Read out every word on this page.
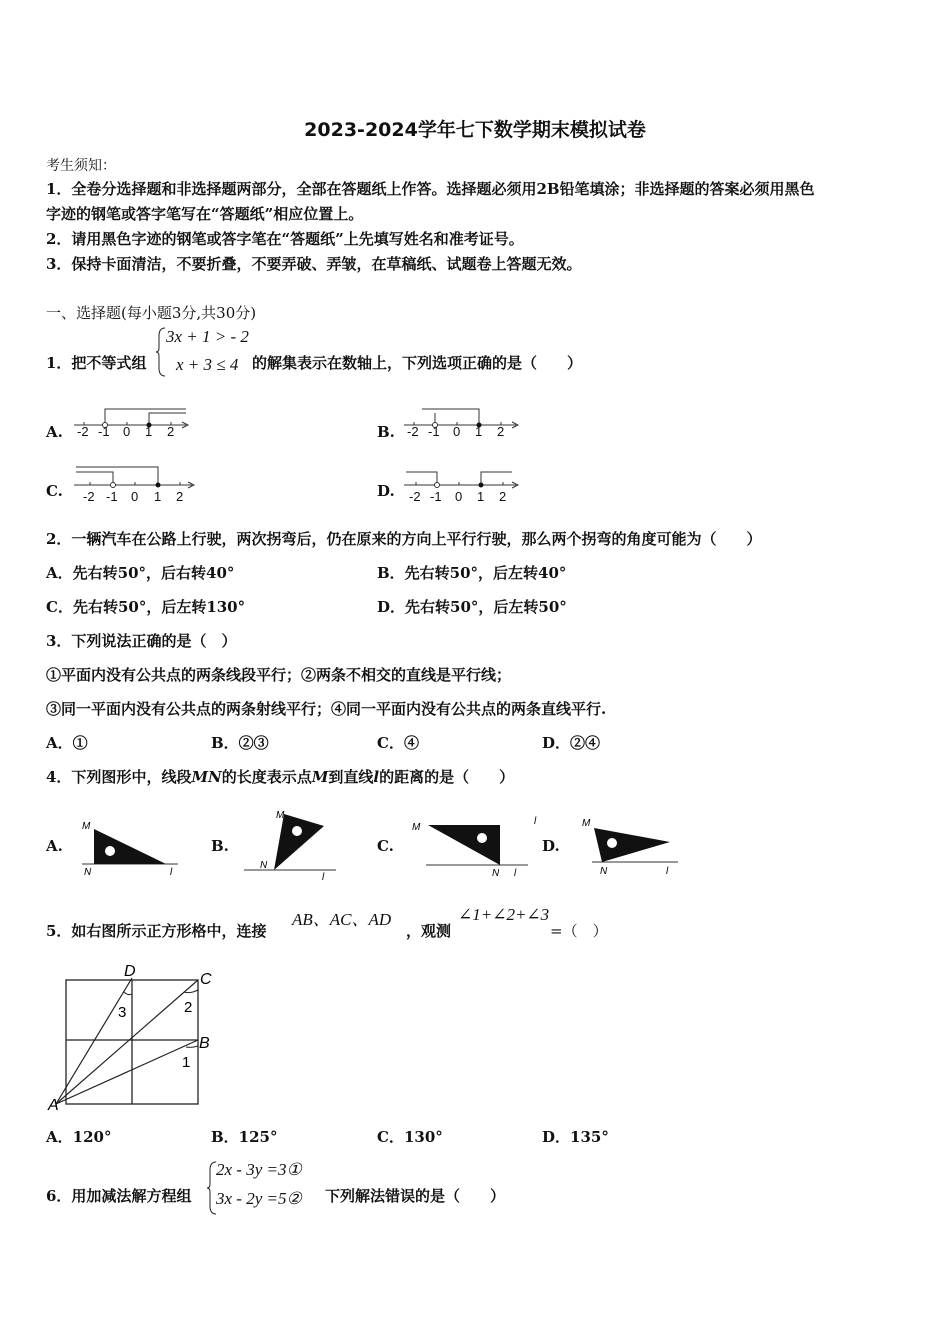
2023-2024学年七下数学期末模拟试卷
考生须知：
1．全卷分选择题和非选择题两部分，全部在答题纸上作答。选择题必须用2B铅笔填涂；非选择题的答案必须用黑色
字迹的钢笔或答字笔写在“答题纸”相应位置上。
2．请用黑色字迹的钢笔或答字笔在“答题纸”上先填写姓名和准考证号。
3．保持卡面清洁，不要折叠，不要弄破、弄皱，在草稿纸、试题卷上答题无效。
一、选择题(每小题3分,共30分)
1．把不等式组
3x + 1 > - 2
x + 3 ≤ 4 的解集表示在数轴上，下列选项正确的是（　　）
A. -2 -1 0 1 2	B. -2 -1 0 1 2
C. -2 -1 0 1 2	D. -2 -1 0 1 2
2．一辆汽车在公路上行驶，两次拐弯后，仍在原来的方向上平行行驶，那么两个拐弯的角度可能为（　　）
A．先右转50°，后右转40°	B．先右转50°，后左转40°
C．先右转50°，后左转130°	D．先右转50°，后左转50°
3．下列说法正确的是（　）
①平面内没有公共点的两条线段平行；②两条不相交的直线是平行线；
③同一平面内没有公共点的两条射线平行；④同一平面内没有公共点的两条直线平行.
A．①	B．②③	C．④	D．②④
4．下列图形中，线段MN的长度表示点M到直线l的距离的是（　　）
A.
M
N	l
B.
M
N
l
C.
M
N l
D.
l	M
N	l
5．如右图所示正方形格中，连接
AB、AC、AD
，观测
∠1+∠2+∠3
=（　）
A
B
C
D
1
2
3
A．120°	B．125°	C．130°	D．135°
6．用加减法解方程组
2x - 3y =3①
3x - 2y =5② 下列解法错误的是（　　）
